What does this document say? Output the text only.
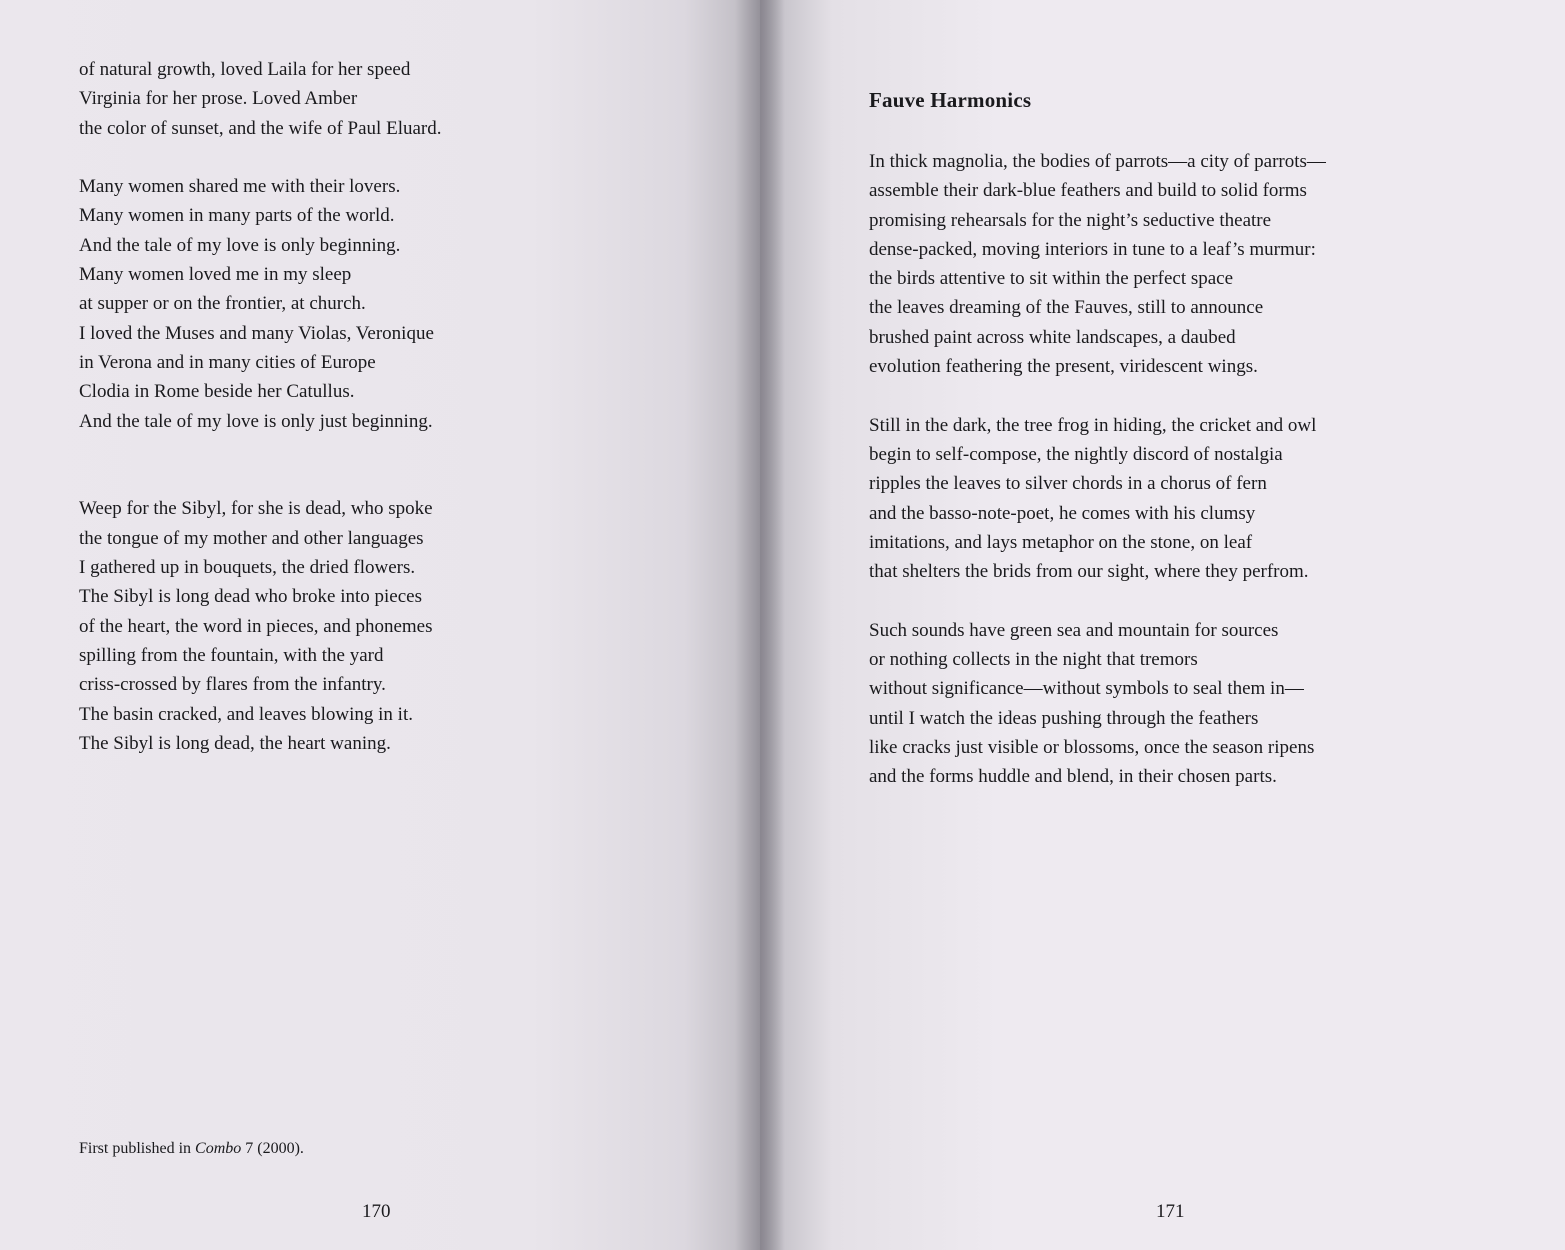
of natural growth, loved Laila for her speed
Virginia for her prose. Loved Amber
the color of sunset, and the wife of Paul Eluard.
Many women shared me with their lovers.
Many women in many parts of the world.
And the tale of my love is only beginning.
Many women loved me in my sleep
at supper or on the frontier, at church.
I loved the Muses and many Violas, Veronique
in Verona and in many cities of Europe
Clodia in Rome beside her Catullus.
And the tale of my love is only just beginning.
Weep for the Sibyl, for she is dead, who spoke
the tongue of my mother and other languages
I gathered up in bouquets, the dried flowers.
The Sibyl is long dead who broke into pieces
of the heart, the word in pieces, and phonemes
spilling from the fountain, with the yard
criss-crossed by flares from the infantry.
The basin cracked, and leaves blowing in it.
The Sibyl is long dead, the heart waning.
First published in Combo 7 (2000).
170
Fauve Harmonics
In thick magnolia, the bodies of parrots—a city of parrots—
assemble their dark-blue feathers and build to solid forms
promising rehearsals for the night’s seductive theatre
dense-packed, moving interiors in tune to a leaf’s murmur:
the birds attentive to sit within the perfect space
the leaves dreaming of the Fauves, still to announce
brushed paint across white landscapes, a daubed
evolution feathering the present, viridescent wings.
Still in the dark, the tree frog in hiding, the cricket and owl
begin to self-compose, the nightly discord of nostalgia
ripples the leaves to silver chords in a chorus of fern
and the basso-note-poet, he comes with his clumsy
imitations, and lays metaphor on the stone, on leaf
that shelters the brids from our sight, where they perfrom.
Such sounds have green sea and mountain for sources
or nothing collects in the night that tremors
without significance—without symbols to seal them in—
until I watch the ideas pushing through the feathers
like cracks just visible or blossoms, once the season ripens
and the forms huddle and blend, in their chosen parts.
171
